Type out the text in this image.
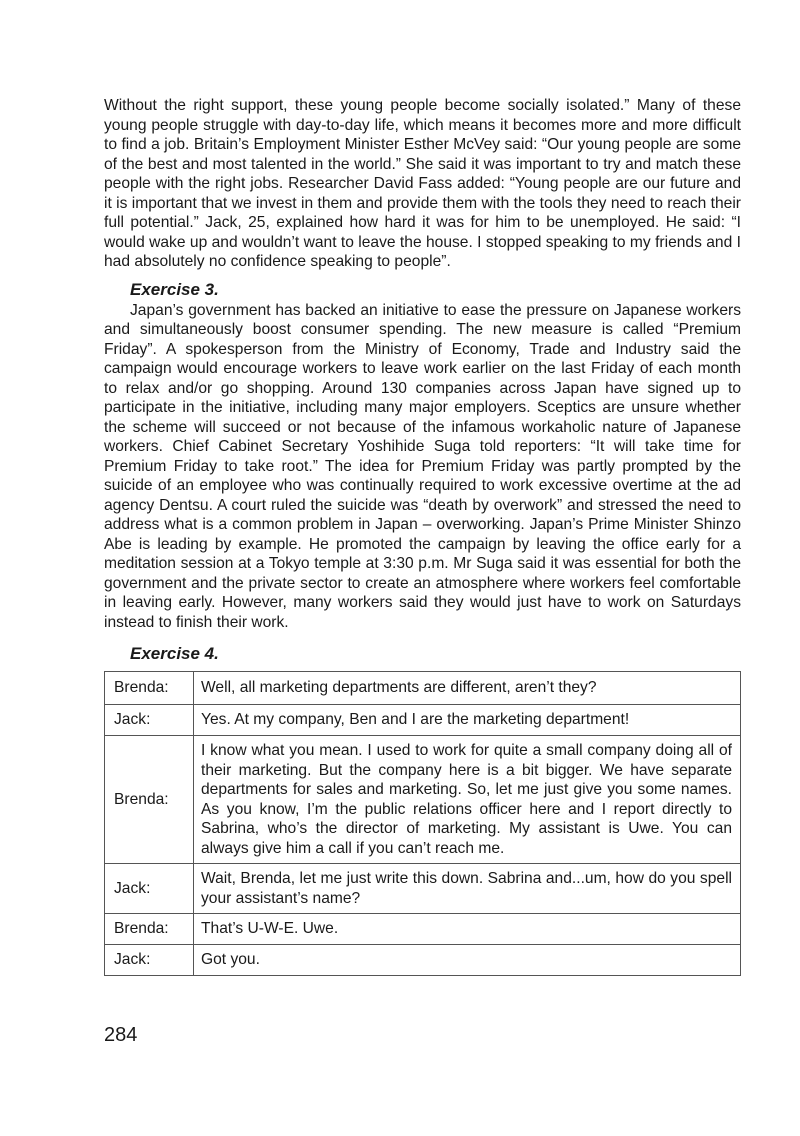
Without the right support, these young people become socially isolated.” Many of these young people struggle with day-to-day life, which means it becomes more and more difficult to find a job. Britain’s Employment Minister Esther McVey said: “Our young people are some of the best and most talented in the world.” She said it was important to try and match these people with the right jobs. Researcher David Fass added: “Young people are our future and it is important that we invest in them and provide them with the tools they need to reach their full potential.” Jack, 25, explained how hard it was for him to be unemployed. He said: “I would wake up and wouldn’t want to leave the house. I stopped speaking to my friends and I had absolutely no confidence speaking to people”.

Exercise 3.

Japan’s government has backed an initiative to ease the pressure on Japanese workers and simultaneously boost consumer spending. The new measure is called “Premium Friday”. A spokesperson from the Ministry of Economy, Trade and Industry said the campaign would encourage workers to leave work earlier on the last Friday of each month to relax and/or go shopping. Around 130 companies across Japan have signed up to participate in the initiative, including many major employers. Sceptics are unsure whether the scheme will succeed or not because of the infamous workaholic nature of Japanese workers. Chief Cabinet Secretary Yoshihide Suga told reporters: “It will take time for Premium Friday to take root.” The idea for Premium Friday was partly prompted by the suicide of an employee who was continually required to work excessive overtime at the ad agency Dentsu. A court ruled the suicide was “death by overwork” and stressed the need to address what is a common problem in Japan – overworking. Japan’s Prime Minister Shinzo Abe is leading by example. He promoted the campaign by leaving the office early for a meditation session at a Tokyo temple at 3:30 p.m. Mr Suga said it was essential for both the government and the private sector to create an atmosphere where workers feel comfortable in leaving early. However, many workers said they would just have to work on Saturdays instead to finish their work.

Exercise 4.
Brenda:	Well, all marketing departments are different, aren’t they?
Jack:	Yes. At my company, Ben and I are the marketing department!
Brenda:	I know what you mean. I used to work for quite a small company doing all of their marketing. But the company here is a bit bigger. We have separate departments for sales and marketing. So, let me just give you some names. As you know, I’m the public relations officer here and I report directly to Sabrina, who’s the director of marketing. My assistant is Uwe. You can always give him a call if you can’t reach me.
Jack:	Wait, Brenda, let me just write this down. Sabrina and...um, how do you spell your assistant’s name?
Brenda:	That’s U-W-E. Uwe.
Jack:	Got you.
284
